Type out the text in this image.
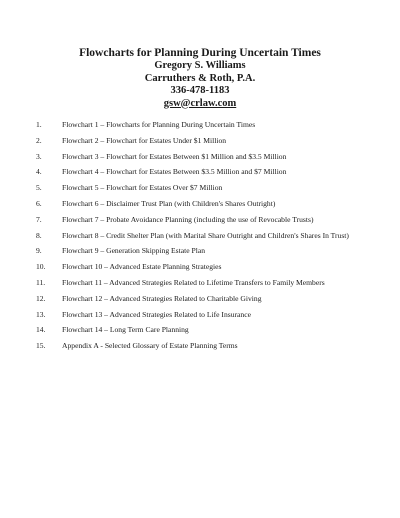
Flowcharts for Planning During Uncertain Times
Gregory S. Williams
Carruthers & Roth, P.A.
336-478-1183
gsw@crlaw.com
1.	Flowchart 1 – Flowcharts for Planning During Uncertain Times
2.	Flowchart 2 – Flowchart for Estates Under $1 Million
3.	Flowchart 3 – Flowchart for Estates Between $1 Million and $3.5 Million
4.	Flowchart 4 – Flowchart for Estates Between $3.5 Million and $7 Million
5.	Flowchart 5 – Flowchart for Estates Over $7 Million
6.	Flowchart 6 – Disclaimer Trust Plan (with Children's Shares Outright)
7.	Flowchart 7 – Probate Avoidance Planning (including the use of Revocable Trusts)
8.	Flowchart 8 – Credit Shelter Plan (with Marital Share Outright and Children's Shares In Trust)
9.	Flowchart 9 – Generation Skipping Estate Plan
10.	Flowchart 10 – Advanced Estate Planning Strategies
11.	Flowchart 11 – Advanced Strategies Related to Lifetime Transfers to Family Members
12.	Flowchart 12 – Advanced Strategies Related to Charitable Giving
13.	Flowchart 13 – Advanced Strategies Related to Life Insurance
14.	Flowchart 14 – Long Term Care Planning
15.	Appendix A - Selected Glossary of Estate Planning Terms
